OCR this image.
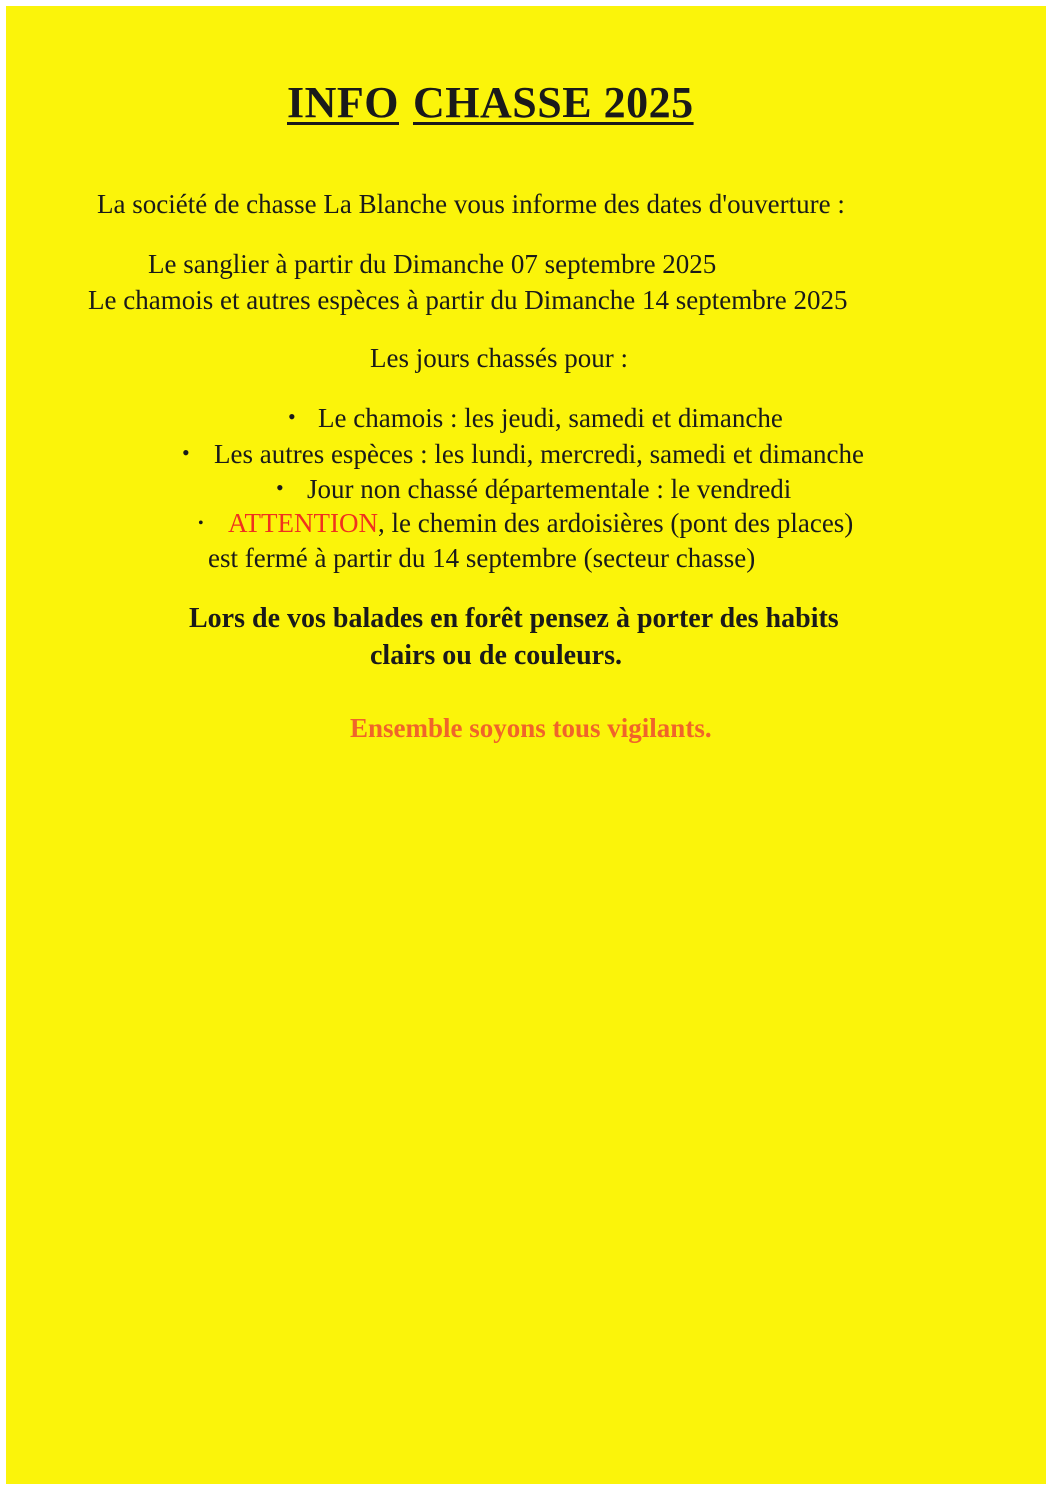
INFO CHASSE 2025
La société de chasse La Blanche vous informe des dates d'ouverture :
Le sanglier à partir du Dimanche 07 septembre 2025
Le chamois et autres espèces à partir du Dimanche 14 septembre 2025
Les jours chassés pour :
• Le chamois : les jeudi, samedi et dimanche
• Les autres espèces : les lundi, mercredi, samedi et dimanche
• Jour non chassé départementale : le vendredi
• ATTENTION, le chemin des ardoisières (pont des places)
est fermé à partir du 14 septembre (secteur chasse)
Lors de vos balades en forêt pensez à porter des habits
clairs ou de couleurs.
Ensemble soyons tous vigilants.
